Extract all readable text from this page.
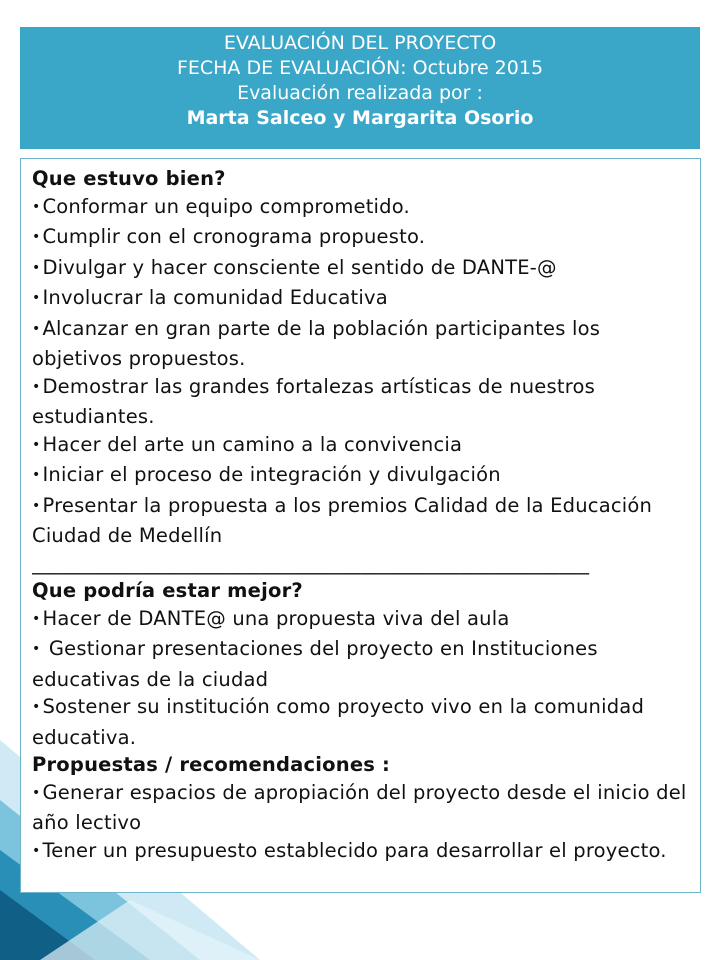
EVALUACIÓN DEL PROYECTO
FECHA DE EVALUACIÓN: Octubre 2015
Evaluación realizada por :
Marta Salceo y Margarita Osorio

Que estuvo bien?

• Conformar un equipo comprometido.

• Cumplir con el cronograma propuesto.

• Divulgar y hacer consciente el sentido de DANTE-@

• Involucrar la comunidad Educativa

• Alcanzar en gran parte de la población participantes los objetivos propuestos.

• Demostrar las grandes fortalezas artísticas de nuestros estudiantes.

• Hacer del arte un camino a la convivencia

• Iniciar el proceso de integración y divulgación

• Presentar la propuesta a los premios Calidad de la Educación Ciudad de Medellín

________________________________________________________

Que podría estar mejor?

• Hacer de DANTE@ una propuesta viva del aula

• Gestionar presentaciones del proyecto en Instituciones educativas de la ciudad

• Sostener su institución como proyecto vivo en la comunidad educativa.

Propuestas / recomendaciones :

• Generar espacios de apropiación del proyecto desde el inicio del año lectivo

• Tener un presupuesto establecido para desarrollar el proyecto.
